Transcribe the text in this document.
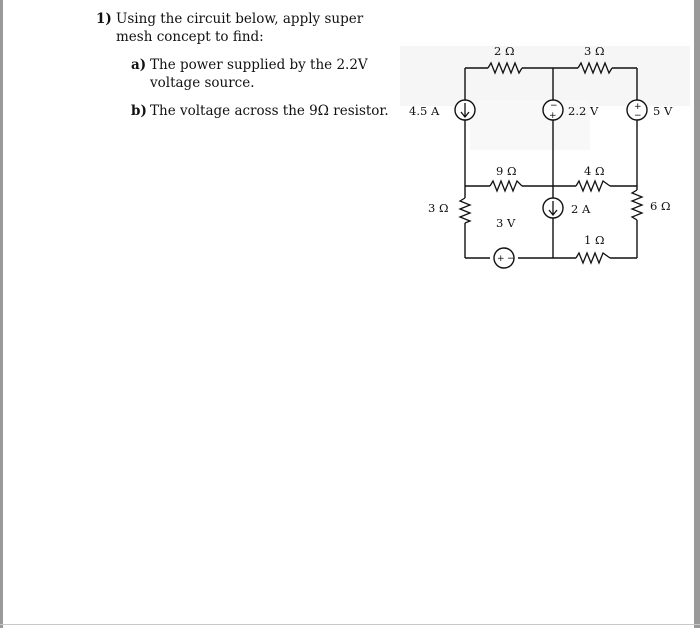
1) Using the circuit below, apply super mesh concept to find:
a) The power supplied by the 2.2V voltage source.
b) The voltage across the 9Ω resistor.	−
+
+
−
+ −
2 Ω	3 Ω
4.5 A	2.2 V	5 V
9 Ω	4 Ω
3 Ω	2 A	6 Ω
3 V
1 Ω
